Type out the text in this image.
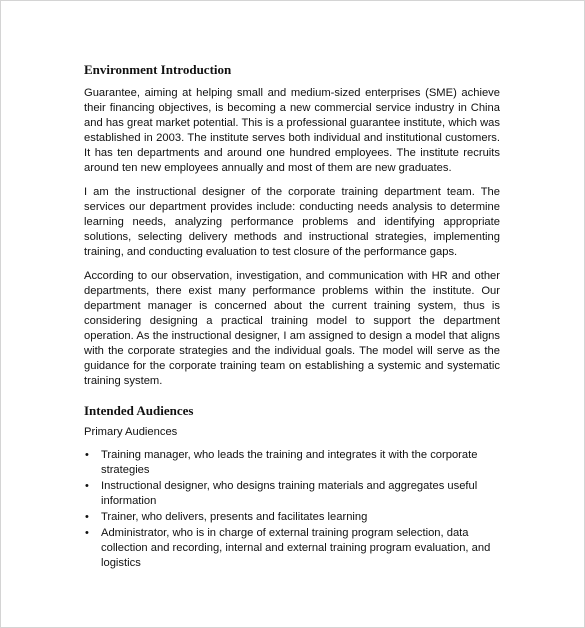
Environment Introduction

Guarantee, aiming at helping small and medium-sized enterprises (SME) achieve their financing objectives, is becoming a new commercial service industry in China and has great market potential. This is a professional guarantee institute, which was established in 2003. The institute serves both individual and institutional customers. It has ten departments and around one hundred employees. The institute recruits around ten new employees annually and most of them are new graduates.

I am the instructional designer of the corporate training department team. The services our department provides include: conducting needs analysis to determine learning needs, analyzing performance problems and identifying appropriate solutions, selecting delivery methods and instructional strategies, implementing training, and conducting evaluation to test closure of the performance gaps.

According to our observation, investigation, and communication with HR and other departments, there exist many performance problems within the institute. Our department manager is concerned about the current training system, thus is considering designing a practical training model to support the department operation. As the instructional designer, I am assigned to design a model that aligns with the corporate strategies and the individual goals. The model will serve as the guidance for the corporate training team on establishing a systemic and systematic training system.

Intended Audiences
Primary Audiences
• Training manager, who leads the training and integrates it with the corporate strategies
• Instructional designer, who designs training materials and aggregates useful information
• Trainer, who delivers, presents and facilitates learning
• Administrator, who is in charge of external training program selection, data collection and recording, internal and external training program evaluation, and logistics
